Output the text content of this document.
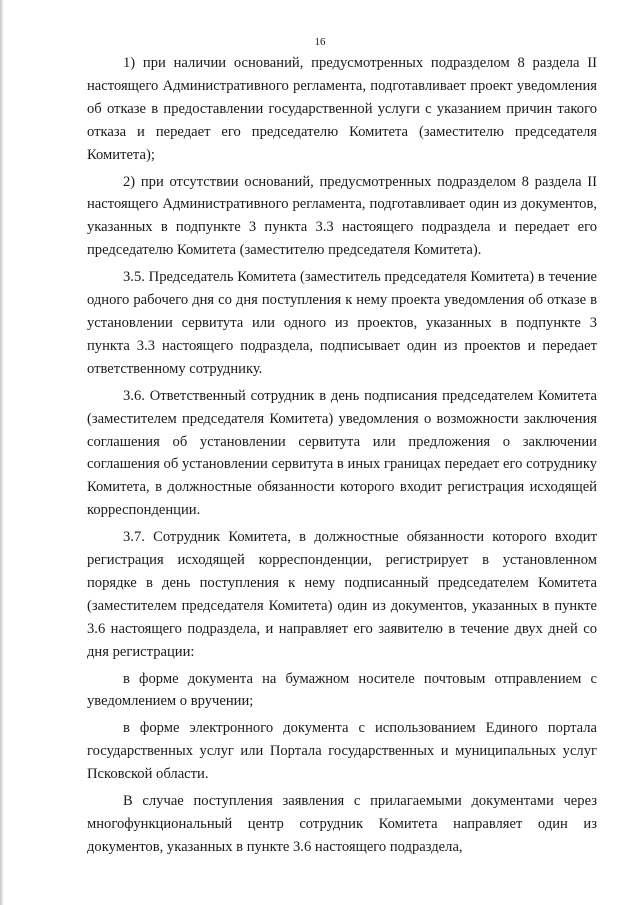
16

1) при наличии оснований, предусмотренных подразделом 8 раздела II настоящего Административного регламента, подготавливает проект уведомления об отказе в предоставлении государственной услуги с указанием причин такого отказа и передает его председателю Комитета (заместителю председателя Комитета);

2) при отсутствии оснований, предусмотренных подразделом 8 раздела II настоящего Административного регламента, подготавливает один из документов, указанных в подпункте 3 пункта 3.3 настоящего подраздела и передает его председателю Комитета (заместителю председателя Комитета).

3.5. Председатель Комитета (заместитель председателя Комитета) в течение одного рабочего дня со дня поступления к нему проекта уведомления об отказе в установлении сервитута или одного из проектов, указанных в подпункте 3 пункта 3.3 настоящего подраздела, подписывает один из проектов и передает ответственному сотруднику.

3.6. Ответственный сотрудник в день подписания председателем Комитета (заместителем председателя Комитета) уведомления о возможности заключения соглашения об установлении сервитута или предложения о заключении соглашения об установлении сервитута в иных границах передает его сотруднику Комитета, в должностные обязанности которого входит регистрация исходящей корреспонденции.

3.7. Сотрудник Комитета, в должностные обязанности которого входит регистрация исходящей корреспонденции, регистрирует в установленном порядке в день поступления к нему подписанный председателем Комитета (заместителем председателя Комитета) один из документов, указанных в пункте 3.6 настоящего подраздела, и направляет его заявителю в течение двух дней со дня регистрации:

в форме документа на бумажном носителе почтовым отправлением с уведомлением о вручении;

в форме электронного документа с использованием Единого портала государственных услуг или Портала государственных и муниципальных услуг Псковской области.

В случае поступления заявления с прилагаемыми документами через многофункциональный центр сотрудник Комитета направляет один из документов, указанных в пункте 3.6 настоящего подраздела,
